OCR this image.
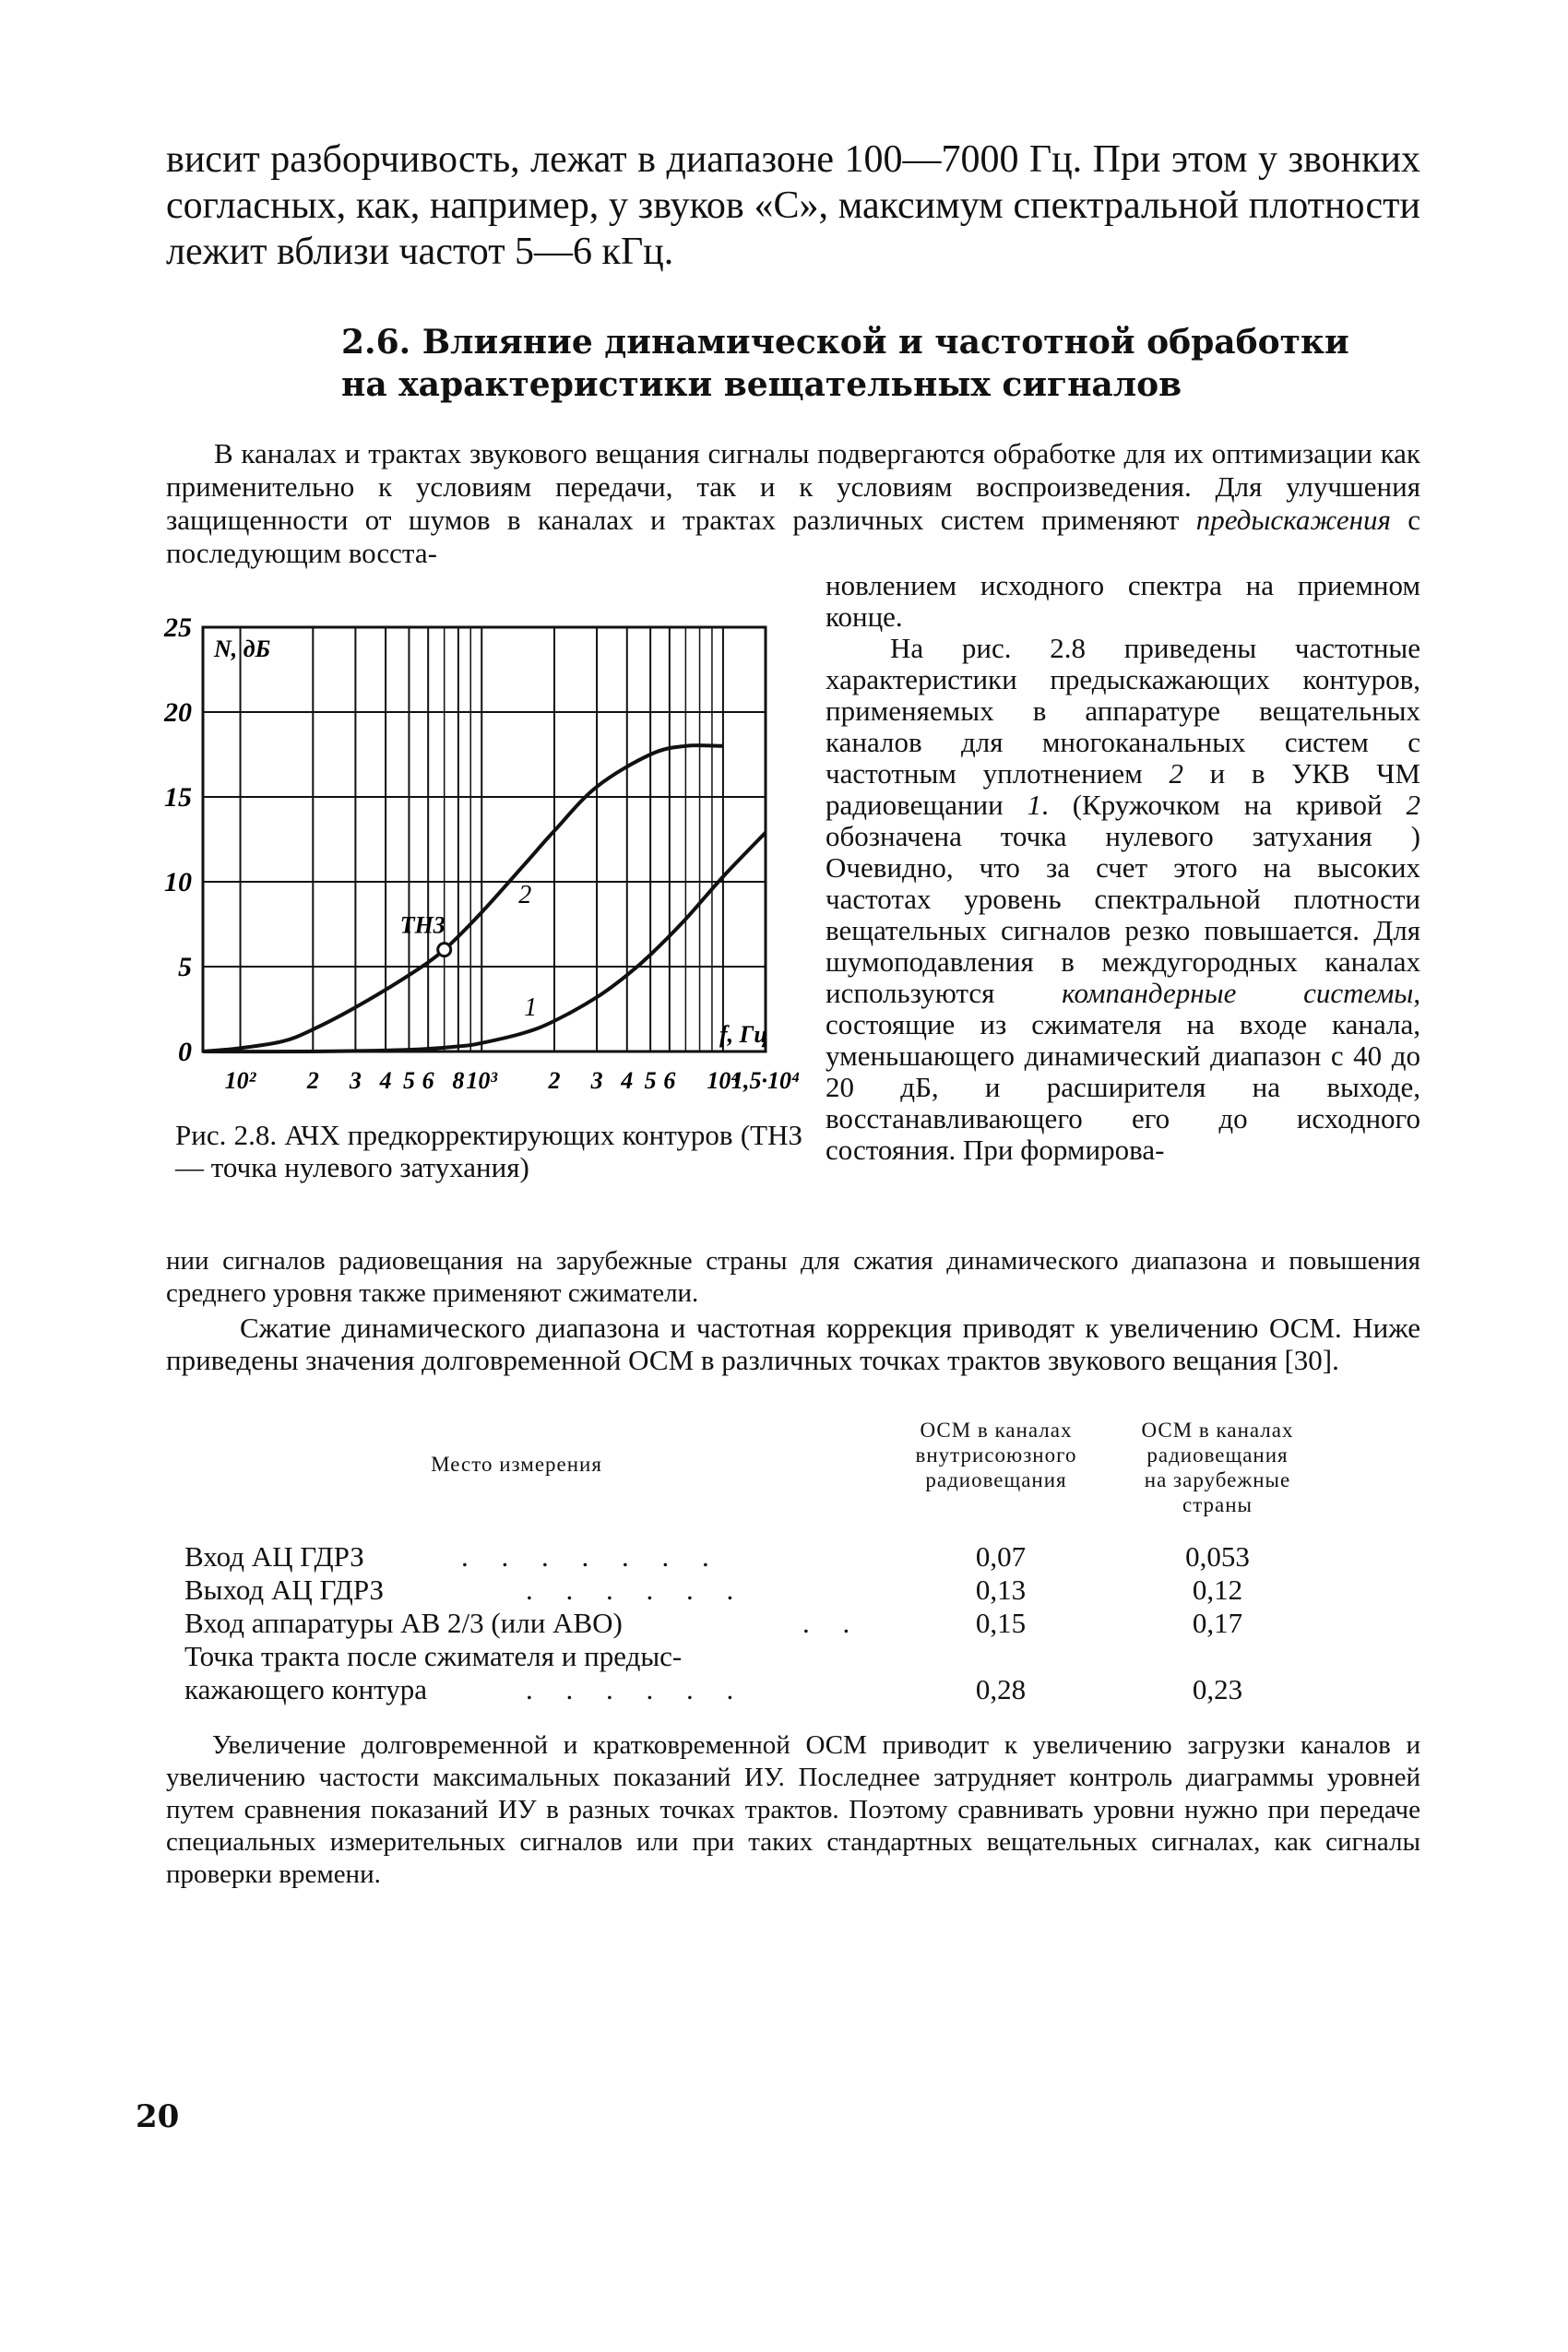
висит разборчивость, лежат в диапазоне 100—7000 Гц. При этом у звонких согласных, как, например, у звуков «С», максимум спектральной плотности лежит вблизи частот 5—6 кГц.

2.6. Влияние динамической и частотной обработки
на характеристики вещательных сигналов

В каналах и трактах звукового вещания сигналы подвергаются обработке для их оптимизации как применительно к условиям передачи, так и к условиям воспроизведения. Для улучшения защищенности от шумов в каналах и трактах различных систем применяют предыскажения с последующим восста-

новлением исходного спектра на приемном конце.

На рис. 2.8 приведены частотные характеристики предыскажающих контуров, применяемых в аппаратуре вещательных каналов для многоканальных систем с частотным уплотнением 2 и в УКВ ЧМ радиовещании 1. (Кружочком на кривой 2 обозначена точка нулевого затухания ) Очевидно, что за счет этого на высоких частотах уровень спектральной плотности вещательных сигналов резко повышается. Для шумоподавления в междугородных каналах используются компандерные системы, состоящие из сжимателя на входе канала, уменьшающего динамический диапазон с 40 до 20 дБ, и расширителя на выходе, восстанавливающего его до исходного состояния. При формирова-

0
5
10
15
20
25
10² 2 3 4 5 6 8 10³ 2 3 4 5 6 10⁴
1,5·10⁴
N, дБ
f, Гц
2
1
ТНЗ

Рис. 2.8. АЧХ предкорректирующих контуров (ТНЗ — точка нулевого затухания)

нии сигналов радиовещания на зарубежные страны для сжатия динамического диапазона и повышения среднего уровня также применяют сжиматели.

Сжатие динамического диапазона и частотная коррекция приводят к увеличению ОСМ. Ниже приведены значения долговременной ОСМ в различных точках трактов звукового вещания [30].

Место измерения
ОСМ в каналах
внутрисоюзного
радиовещания
ОСМ в каналах
радиовещания
на зарубежные
страны
Вход АЦ ГДРЗ	. . . . . . .	0,07	0,053
Выход АЦ ГДРЗ	. . . . . .	0,13	0,12
Вход аппаратуры АВ 2/3 (или АВО)	. .	0,15	0,17
Точка тракта после сжимателя и предыс-
кажающего контура	. . . . . .	0,28	0,23

Увеличение долговременной и кратковременной ОСМ приводит к увеличению загрузки каналов и увеличению частости максимальных показаний ИУ. Последнее затрудняет контроль диаграммы уровней путем сравнения показаний ИУ в разных точках трактов. Поэтому сравнивать уровни нужно при передаче специальных измерительных сигналов или при таких стандартных вещательных сигналах, как сигналы проверки времени.

20
